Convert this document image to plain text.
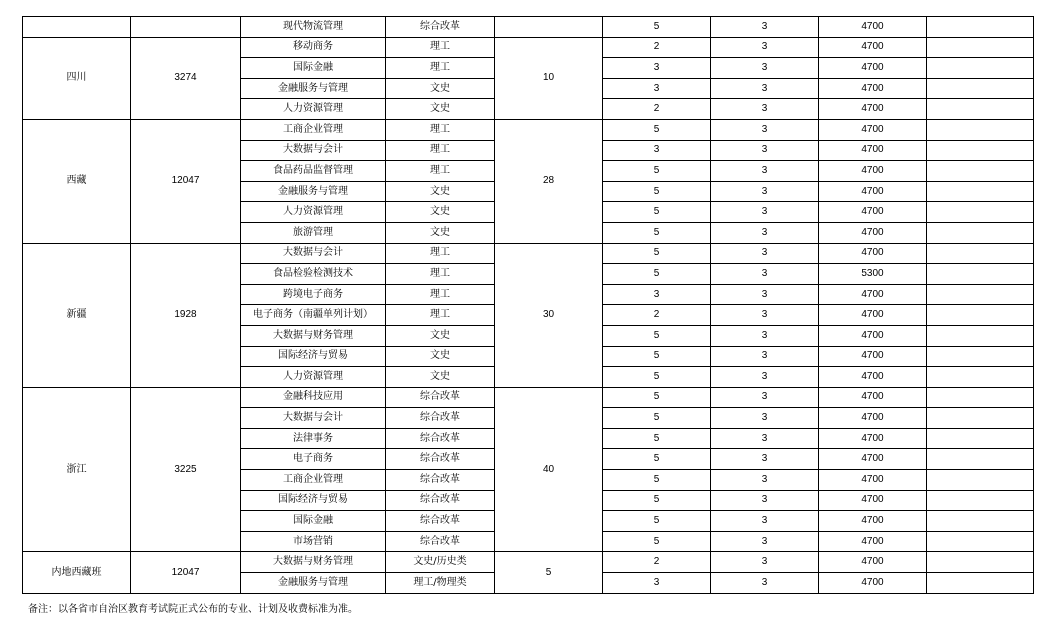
		现代物流管理	综合改革		5	3	4700	
四川	3274	移动商务	理工	10	2	3	4700	
		国际金融	理工		3	3	4700	
		金融服务与管理	文史		3	3	4700	
		人力资源管理	文史		2	3	4700	
西藏	12047	工商企业管理	理工	28	5	3	4700	
		大数据与会计	理工		3	3	4700	
		食品药品监督管理	理工		5	3	4700	
		金融服务与管理	文史		5	3	4700	
		人力资源管理	文史		5	3	4700	
		旅游管理	文史		5	3	4700	
新疆	1928	大数据与会计	理工	30	5	3	4700	
		食品检验检测技术	理工		5	3	5300	
		跨境电子商务	理工		3	3	4700	
		电子商务（南疆单列计划）	理工		2	3	4700	
		大数据与财务管理	文史		5	3	4700	
		国际经济与贸易	文史		5	3	4700	
		人力资源管理	文史		5	3	4700	
浙江	3225	金融科技应用	综合改革	40	5	3	4700	
		大数据与会计	综合改革		5	3	4700	
		法律事务	综合改革		5	3	4700	
		电子商务	综合改革		5	3	4700	
		工商企业管理	综合改革		5	3	4700	
		国际经济与贸易	综合改革		5	3	4700	
		国际金融	综合改革		5	3	4700	
		市场营销	综合改革		5	3	4700	
内地西藏班	12047	大数据与财务管理	文史/历史类	5	2	3	4700	
		金融服务与管理	理工/物理类		3	3	4700	
备注：以各省市自治区教育考试院正式公布的专业、计划及收费标准为准。
